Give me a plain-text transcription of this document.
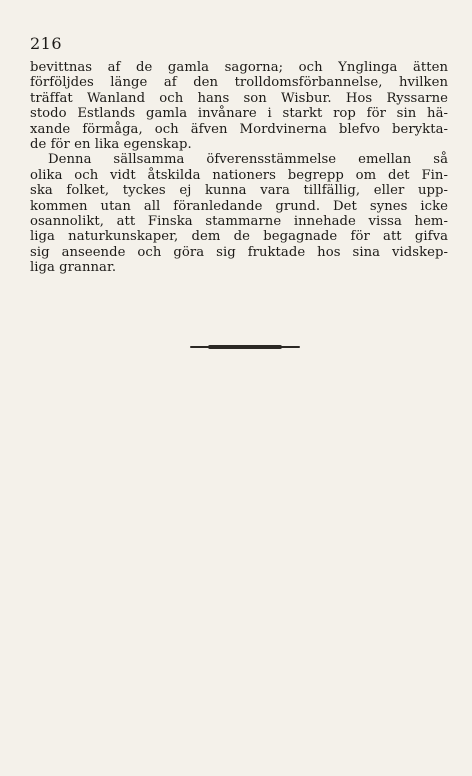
216
bevittnas af de gamla sagorna; och Ynglinga ätten
förföljdes länge af den trolldomsförbannelse, hvilken
träffat Wanland och hans son Wisbur. Hos Ryssarne
stodo Estlands gamla invånare i starkt rop för sin hä-
xande förmåga, och äfven Mordvinerna blefvo berykta-
de för en lika egenskap.
Denna sällsamma öfverensstämmelse emellan så
olika och vidt åtskilda nationers begrepp om det Fin-
ska folket, tyckes ej kunna vara tillfällig, eller upp-
kommen utan all föranledande grund. Det synes icke
osannolikt, att Finska stammarne innehade vissa hem-
liga naturkunskaper, dem de begagnade för att gifva
sig anseende och göra sig fruktade hos sina vidskep-
liga grannar.
